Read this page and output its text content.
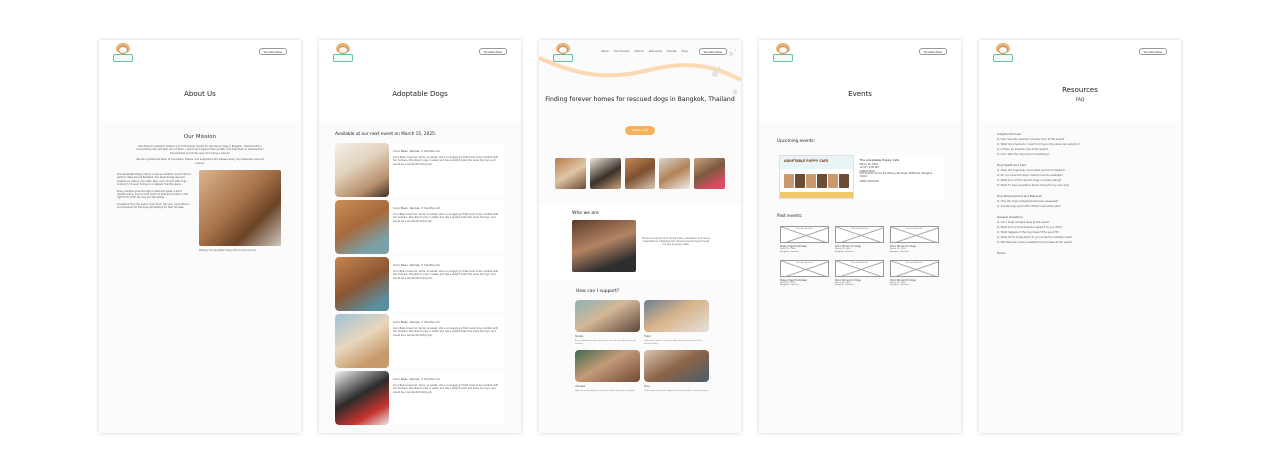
Donate Now
About Us
Our Mission
Paw Project's adoption mission is to find forever homes for the rescue dogs in Bangkok, Thailand with a loving family who will take care of them, nurture and support their growth, and help them to develop their full potential and all the way from being a rescue!
We are a grassroots team of volunteers, fosters, and supporters who believe every dog deserves a second chance.

The Adoptable Puppy Cafe is a pop-up adoption event held at partner cafes around Bangkok. Our team brings rescued puppies so visitors can meet, play, and connect with dogs looking for forever homes in a relaxed, friendly space.

Every adopter goes through a meet and greet, a short questionnaire, and a home check so that each match is the right fit for both the dog and the family.

Donations from the event cover food, vet care, vaccinations and transport for the dogs still waiting for their families.

Meeting The Adoptable Puppy Cafe founder and pup
Donate Now
Adoptable Dogs
Available at our next event on March 15, 2025:
Coco Bean, female, 3 months old
Coco Bean loves her name, so sweet, she is a snuggly girl that loves to be cuddled with her humans. She likes to play in water and has a playful side! She loves her toys, and would be a wonderful family pet.
Coco Bean, female, 3 months old
Coco Bean loves her name, so sweet, she is a snuggly girl that loves to be cuddled with her humans. She likes to play in water and has a playful side! She loves her toys, and would be a wonderful family pet.
Coco Bean, female, 3 months old
Coco Bean loves her name, so sweet, she is a snuggly girl that loves to be cuddled with her humans. She likes to play in water and has a playful side! She loves her toys, and would be a wonderful family pet.
Coco Bean, female, 3 months old
Coco Bean loves her name, so sweet, she is a snuggly girl that loves to be cuddled with her humans. She likes to play in water and has a playful side! She loves her toys, and would be a wonderful family pet.
Coco Bean, female, 3 months old
Coco Bean loves her name, so sweet, she is a snuggly girl that loves to be cuddled with her humans. She likes to play in water and has a playful side! She loves her toys, and would be a wonderful family pet.
About Our Process Visit Us Resources Donate Shop	Donate Now
Finding forever homes for rescued dogs in Bangkok, Thailand
Adopt a dog
Who we are
We are a small group of animal lovers, volunteers, and rescue organisations in Bangkok who rehome rescued dogs through fun pop-up puppy cafes.
How can I support?
Donate
Every donation helps cover food, vet care and shelter for our rescues.
Foster
Open your home to a rescue dog while they wait for their forever family.
Volunteer
Help out at our pop-up events and meet the pups in person.
Shop
Grab some merch and support our rescues with every purchase.
Donate Now
Events
Upcoming events:
ADOPTABLE PUPPY CAFE	The Adoptable Puppy Cafe
March 15, 2025
12:00 - 4:00 PM
JAMJAR PACK
123 Sukhumvit Soi 49, Khlong Tan Nuea, Watthana, Bangkok 10110
VIEW LOCATION
Past events:
FB embedded link
Puppy Yoga Fundraiser
March 15, 2025
Bangkok, Thailand
FB embedded link
Doco Dinner for Dogs
March 20, 2025
Bangkok, Thailand
FB embedded link
Doco Dinner for Dogs
March 20, 2025
Bangkok, Thailand
FB embedded link
Puppy Yoga Fundraiser
March 15, 2025
Bangkok, Thailand
FB embedded link
Doco Dinner for Dogs
March 20, 2025
Bangkok, Thailand
FB embedded link
Doco Dinner for Dogs
March 20, 2025
Bangkok, Thailand
Donate Now
Resources
FAQ
Adoption Process
Q: How does the adoption process work at the event?
Q: What documents do I need to bring on the same day adoption?
Q: Is there an adoption fee at the event?
Q: Can I take the dog home immediately?
Dog Health and Care
Q: Have the dogs been vaccinated and microchipped?
Q: Do you have the dogs' medical records available?
Q: What kind of food are the dogs currently eating?
Q: What if I have questions about caring for my new dog?
Dog Temperament and Behavior
Q: How the dogs' temperaments been assessed?
Q: Are the dogs good with children and other pets?
General Questions
Q: Can I meet multiple dogs at the event?
Q: What kind of post-adoption support do you offer?
Q: What happens if the dog doesn't fit a good fit?
Q: What forms of payment do you accept for adoption fees?
Q: Will there be a place available for purchase at the event?
Fusion
